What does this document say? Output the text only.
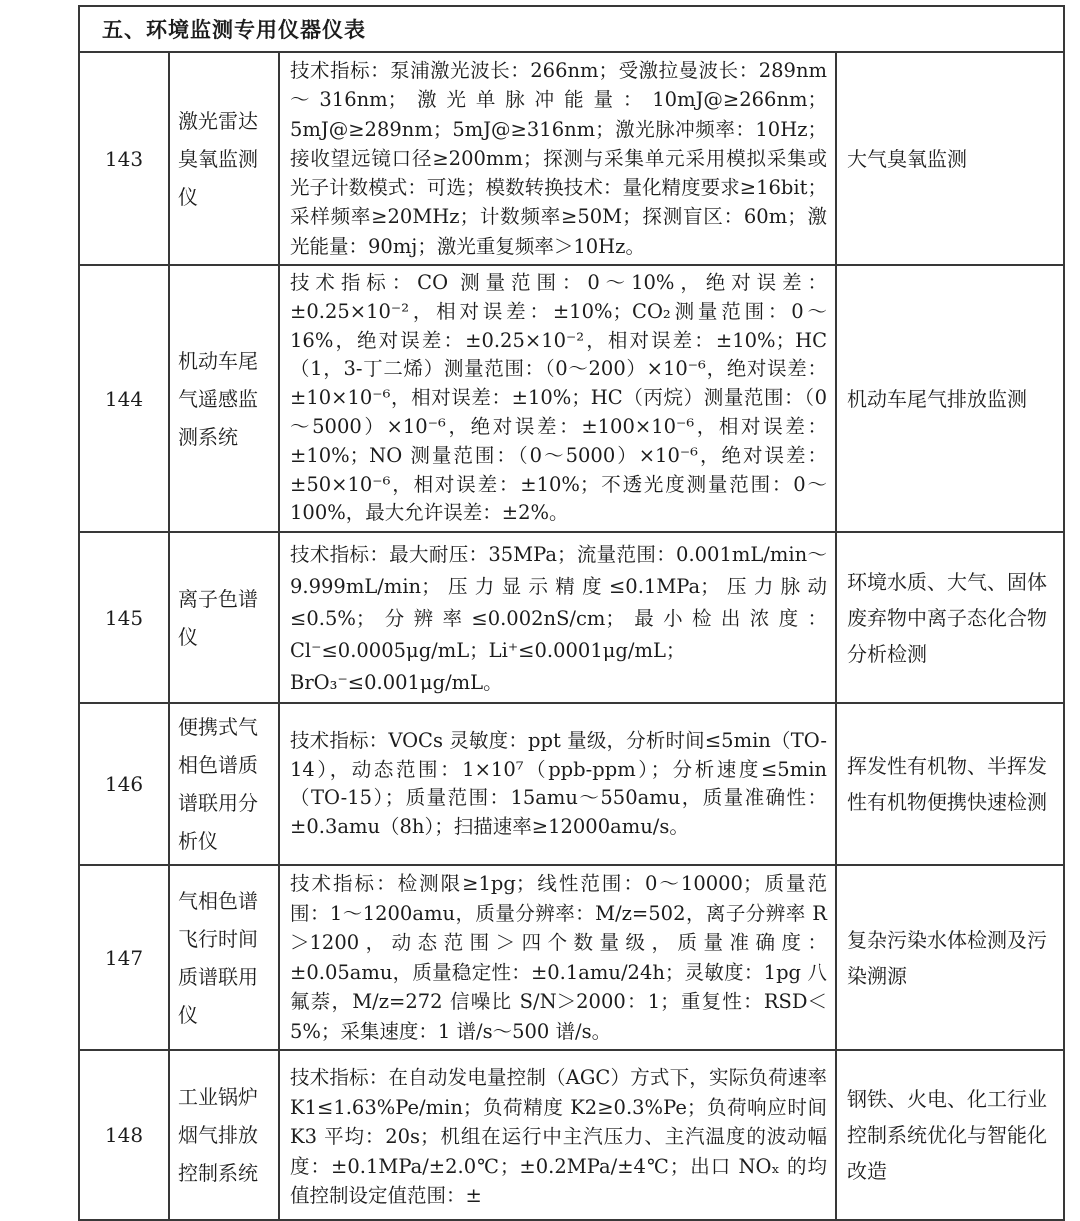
五、环境监测专用仪器仪表			
143	激光雷达臭氧监测仪	技术指标：泵浦激光波长：266nm；受激拉曼波长：289nm～316nm；激光单脉冲能量：10mJ@≥266nm；5mJ@≥289nm；5mJ@≥316nm；激光脉冲频率：10Hz；接收望远镜口径≥200mm；探测与采集单元采用模拟采集或光子计数模式：可选；模数转换技术：量化精度要求≥16bit；采样频率≥20MHz；计数频率≥50M；探测盲区：60m；激光能量：90mj；激光重复频率＞10Hz。	大气臭氧监测
144	机动车尾气遥感监测系统	技术指标：CO 测量范围：0～10%，绝对误差：±0.25×10⁻²，相对误差：±10%；CO₂测量范围：0～16%，绝对误差：±0.25×10⁻²，相对误差：±10%；HC（1，3-丁二烯）测量范围：（0～200）×10⁻⁶，绝对误差：±10×10⁻⁶，相对误差：±10%；HC（丙烷）测量范围：（0～5000）×10⁻⁶，绝对误差：±100×10⁻⁶，相对误差：±10%；NO 测量范围：（0～5000）×10⁻⁶，绝对误差：±50×10⁻⁶，相对误差：±10%；不透光度测量范围：0～100%，最大允许误差：±2%。	机动车尾气排放监测
145	离子色谱仪	技术指标：最大耐压：35MPa；流量范围：0.001mL/min～9.999mL/min；压力显示精度≤0.1MPa；压力脉动≤0.5%；分辨率≤0.002nS/cm；最小检出浓度：Cl⁻≤0.0005μg/mL；Li⁺≤0.0001μg/mL；BrO₃⁻≤0.001μg/mL。	环境水质、大气、固体废弃物中离子态化合物分析检测
146	便携式气相色谱质谱联用分析仪	技术指标：VOCs 灵敏度：ppt 量级，分析时间≤5min（TO-14），动态范围：1×10⁷（ppb-ppm）；分析速度≤5min（TO-15）；质量范围：15amu～550amu，质量准确性：±0.3amu（8h）；扫描速率≥12000amu/s。	挥发性有机物、半挥发性有机物便携快速检测
147	气相色谱飞行时间质谱联用仪	技术指标：检测限≥1pg；线性范围：0～10000；质量范围：1～1200amu，质量分辨率：M/z=502，离子分辨率 R＞1200，动态范围＞四个数量级，质量准确度：±0.05amu，质量稳定性：±0.1amu/24h；灵敏度：1pg 八氟萘，M/z=272 信噪比 S/N＞2000：1；重复性：RSD＜5%；采集速度：1 谱/s～500 谱/s。	复杂污染水体检测及污染溯源
148	工业锅炉烟气排放控制系统	技术指标：在自动发电量控制（AGC）方式下，实际负荷速率 K1≤1.63%Pe/min；负荷精度 K2≥0.3%Pe；负荷响应时间 K3 平均：20s；机组在运行中主汽压力、主汽温度的波动幅度：±0.1MPa/±2.0℃；±0.2MPa/±4℃；出口 NOₓ 的均值控制设定值范围：±	钢铁、火电、化工行业控制系统优化与智能化改造
